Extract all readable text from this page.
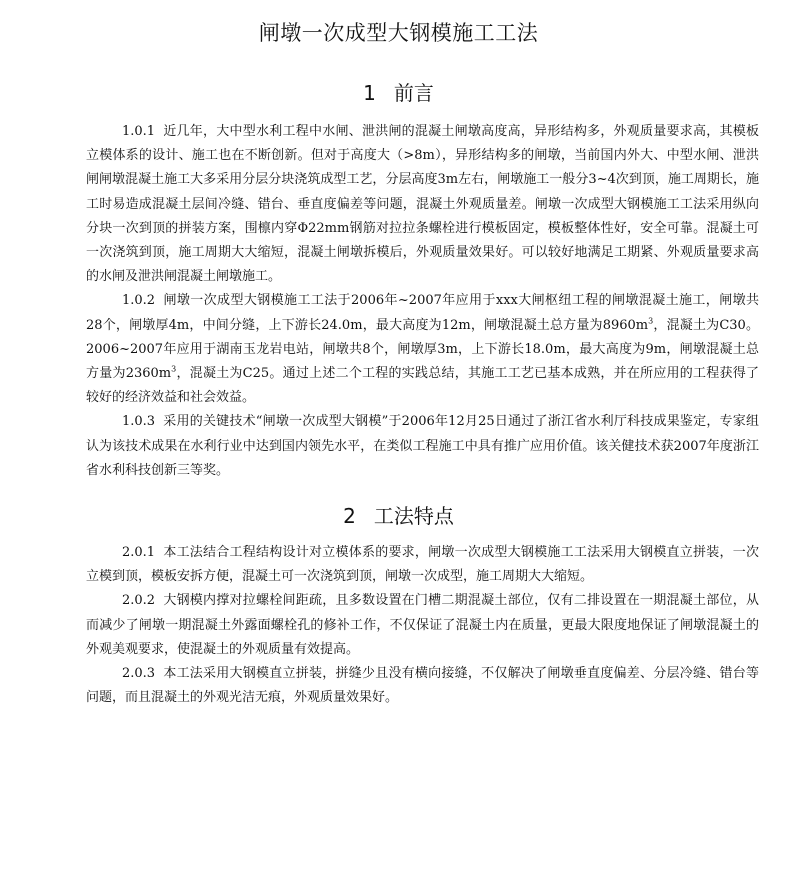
闸墩一次成型大钢模施工工法
1 前言

1.0.1 近几年，大中型水利工程中水闸、泄洪闸的混凝土闸墩高度高，异形结构多，外观质量要求高，其模板立模体系的设计、施工也在不断创新。但对于高度大（>8m），异形结构多的闸墩，当前国内外大、中型水闸、泄洪闸闸墩混凝土施工大多采用分层分块浇筑成型工艺，分层高度3m左右，闸墩施工一般分3~4次到顶，施工周期长，施工时易造成混凝土层间冷缝、错台、垂直度偏差等问题，混凝土外观质量差。闸墩一次成型大钢模施工工法采用纵向分块一次到顶的拼装方案，围檩内穿Φ22mm钢筋对拉拉条螺栓进行模板固定，模板整体性好，安全可靠。混凝土可一次浇筑到顶，施工周期大大缩短，混凝土闸墩拆模后，外观质量效果好。可以较好地满足工期紧、外观质量要求高的水闸及泄洪闸混凝土闸墩施工。

1.0.2 闸墩一次成型大钢模施工工法于2006年~2007年应用于xxx大闸枢纽工程的闸墩混凝土施工，闸墩共28个，闸墩厚4m，中间分缝，上下游长24.0m，最大高度为12m，闸墩混凝土总方量为$8960m^3$，混凝土为C30。2006~2007年应用于湖南玉龙岩电站，闸墩共8个，闸墩厚3m，上下游长18.0m，最大高度为9m，闸墩混凝土总方量为$2360m^3$，混凝土为C25。通过上述二个工程的实践总结，其施工工艺已基本成熟，并在所应用的工程获得了较好的经济效益和社会效益。

1.0.3 采用的关键技术“闸墩一次成型大钢模”于2006年12月25日通过了浙江省水利厅科技成果鉴定，专家组认为该技术成果在水利行业中达到国内领先水平，在类似工程施工中具有推广应用价值。该关健技术获2007年度浙江省水利科技创新三等奖。

2 工法特点

2.0.1 本工法结合工程结构设计对立模体系的要求，闸墩一次成型大钢模施工工法采用大钢模直立拼装，一次立模到顶，模板安拆方便，混凝土可一次浇筑到顶，闸墩一次成型，施工周期大大缩短。

2.0.2 大钢模内撑对拉螺栓间距疏，且多数设置在门槽二期混凝土部位，仅有二排设置在一期混凝土部位，从而减少了闸墩一期混凝土外露面螺栓孔的修补工作，不仅保证了混凝土内在质量，更最大限度地保证了闸墩混凝土的外观美观要求，使混凝土的外观质量有效提高。

2.0.3 本工法采用大钢模直立拼装，拼缝少且没有横向接缝，不仅解决了闸墩垂直度偏差、分层冷缝、错台等问题，而且混凝土的外观光洁无痕，外观质量效果好。
